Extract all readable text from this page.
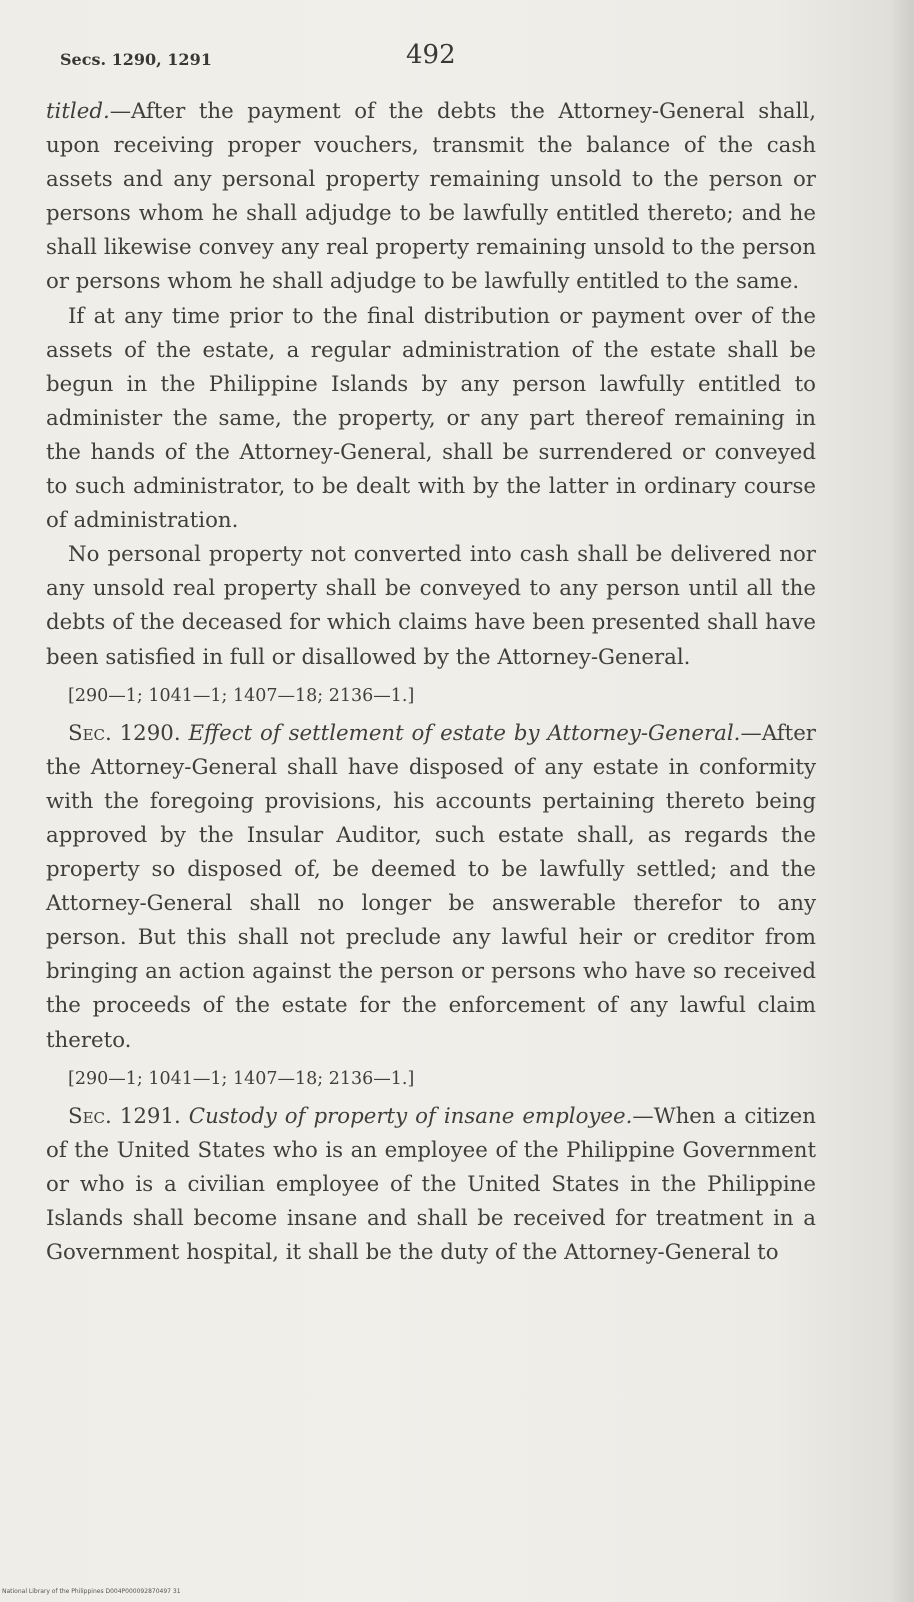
Secs. 1290, 1291	492

titled.—After the payment of the debts the Attorney-General shall, upon receiving proper vouchers, transmit the balance of the cash assets and any personal property remaining unsold to the person or persons whom he shall adjudge to be lawfully entitled thereto; and he shall likewise convey any real property remaining unsold to the person or persons whom he shall adjudge to be lawfully entitled to the same.

If at any time prior to the final distribution or payment over of the assets of the estate, a regular administration of the estate shall be begun in the Philippine Islands by any person lawfully entitled to administer the same, the property, or any part thereof remaining in the hands of the Attorney-General, shall be surrendered or conveyed to such administrator, to be dealt with by the latter in ordinary course of administration.

No personal property not converted into cash shall be delivered nor any unsold real property shall be conveyed to any person until all the debts of the deceased for which claims have been presented shall have been satisfied in full or disallowed by the Attorney-General.

[290—1; 1041—1; 1407—18; 2136—1.]

Sec. 1290. Effect of settlement of estate by Attorney-General.—After the Attorney-General shall have disposed of any estate in conformity with the foregoing provisions, his accounts pertaining thereto being approved by the Insular Auditor, such estate shall, as regards the property so disposed of, be deemed to be lawfully settled; and the Attorney-General shall no longer be answerable therefor to any person. But this shall not preclude any lawful heir or creditor from bringing an action against the person or persons who have so received the proceeds of the estate for the enforcement of any lawful claim thereto.

[290—1; 1041—1; 1407—18; 2136—1.]

Sec. 1291. Custody of property of insane employee.—When a citizen of the United States who is an employee of the Philippine Government or who is a civilian employee of the United States in the Philippine Islands shall become insane and shall be received for treatment in a Government hospital, it shall be the duty of the Attorney-General to

National Library of the Philippines D004P000092870497 31
